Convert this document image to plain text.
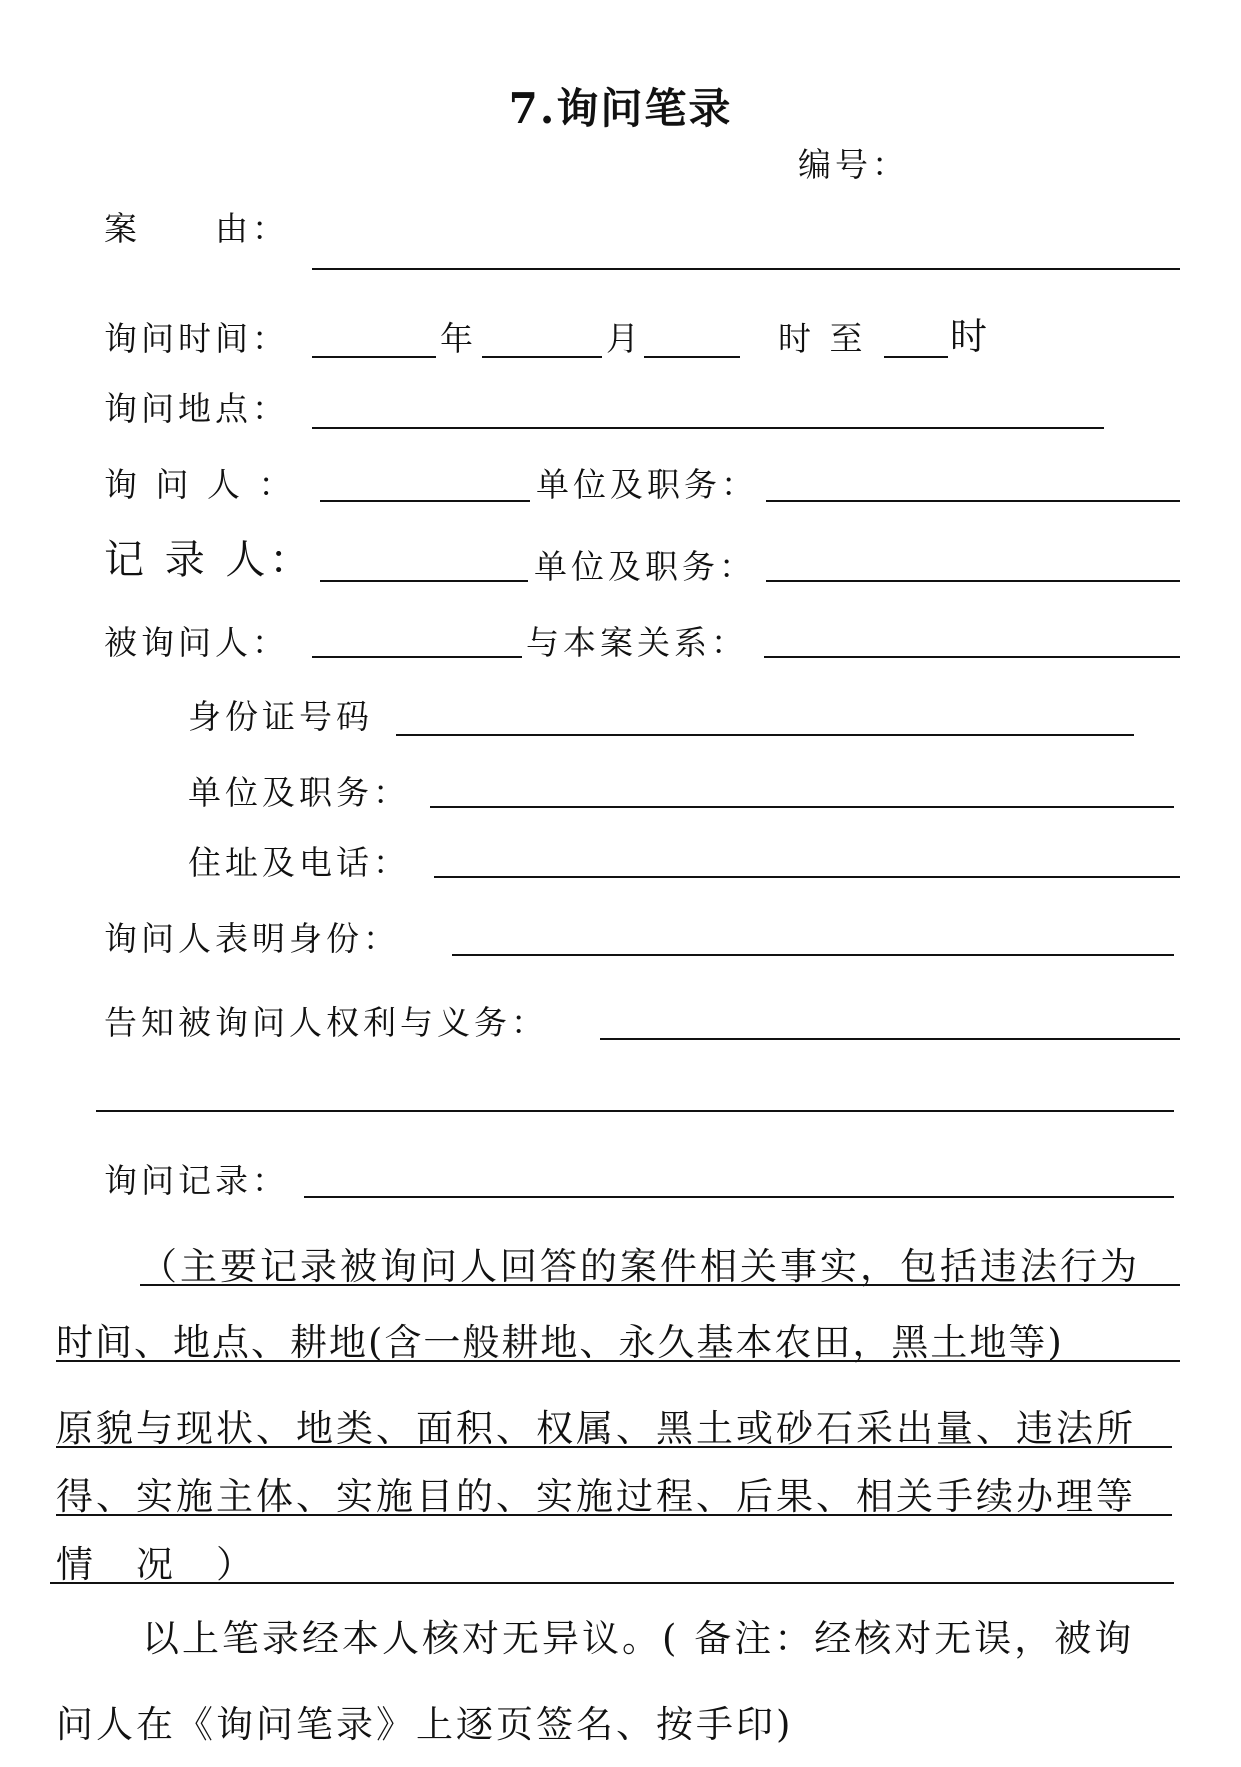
7.询问笔录
编号：
案　　由：
询问时间：	年	月	时 至 时
询问地点：
询 问 人 ：	单位及职务：
记 录 人：	单位及职务：
被询问人：	与本案关系：
身份证号码
单位及职务：
住址及电话：
询问人表明身份：
告知被询问人权利与义务：
询问记录：
（主要记录被询问人回答的案件相关事实，包括违法行为
时间、地点、耕地(含一般耕地、永久基本农田，黑土地等)
原貌与现状、地类、面积、权属、黑土或砂石采出量、违法所
得、实施主体、实施目的、实施过程、后果、相关手续办理等
情　况　）
以上笔录经本人核对无异议。( 备注：经核对无误，被询
问人在《询问笔录》上逐页签名、按手印)
